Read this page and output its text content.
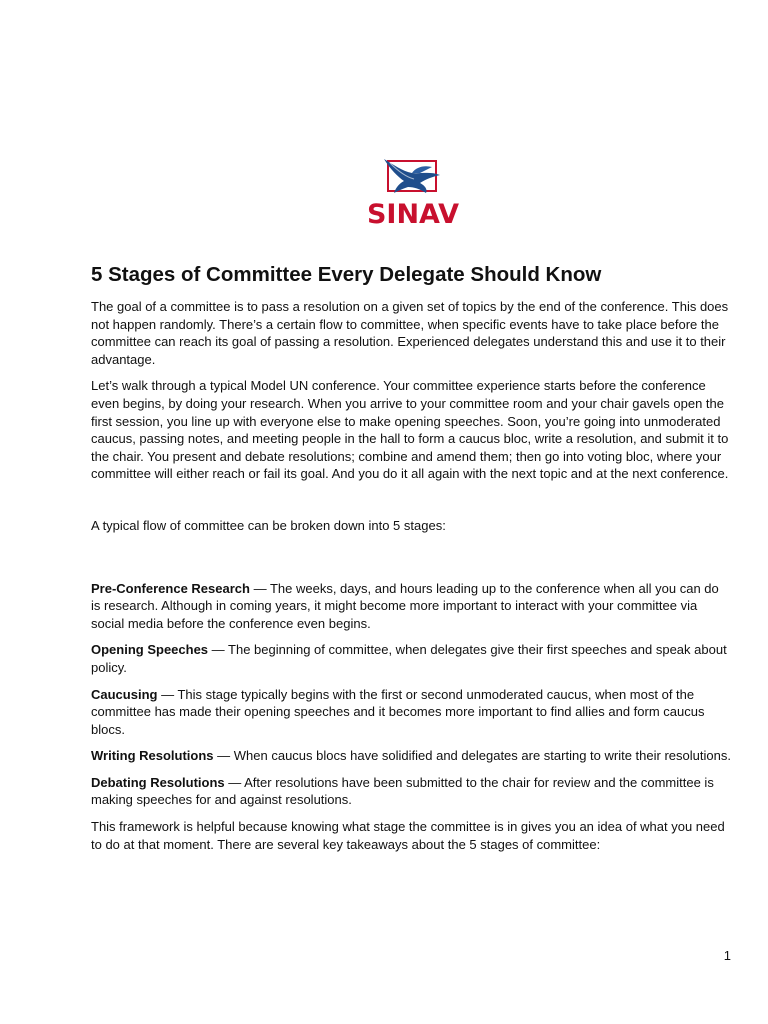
SINAV
5 Stages of Committee Every Delegate Should Know

The goal of a committee is to pass a resolution on a given set of topics by the end of the conference. This does not happen randomly. There’s a certain flow to committee, when specific events have to take place before the committee can reach its goal of passing a resolution. Experienced delegates understand this and use it to their advantage.

Let’s walk through a typical Model UN conference. Your committee experience starts before the conference even begins, by doing your research. When you arrive to your committee room and your chair gavels open the first session, you line up with everyone else to make opening speeches. Soon, you’re going into unmoderated caucus, passing notes, and meeting people in the hall to form a caucus bloc, write a resolution, and submit it to the chair. You present and debate resolutions; combine and amend them; then go into voting bloc, where your committee will either reach or fail its goal. And you do it all again with the next topic and at the next conference.

A typical flow of committee can be broken down into 5 stages:

Pre-Conference Research — The weeks, days, and hours leading up to the conference when all you can do is research. Although in coming years, it might become more important to interact with your committee via social media before the conference even begins.

Opening Speeches — The beginning of committee, when delegates give their first speeches and speak about policy.

Caucusing — This stage typically begins with the first or second unmoderated caucus, when most of the committee has made their opening speeches and it becomes more important to find allies and form caucus blocs.

Writing Resolutions — When caucus blocs have solidified and delegates are starting to write their resolutions.

Debating Resolutions — After resolutions have been submitted to the chair for review and the committee is making speeches for and against resolutions.

This framework is helpful because knowing what stage the committee is in gives you an idea of what you need to do at that moment. There are several key takeaways about the 5 stages of committee:

1
